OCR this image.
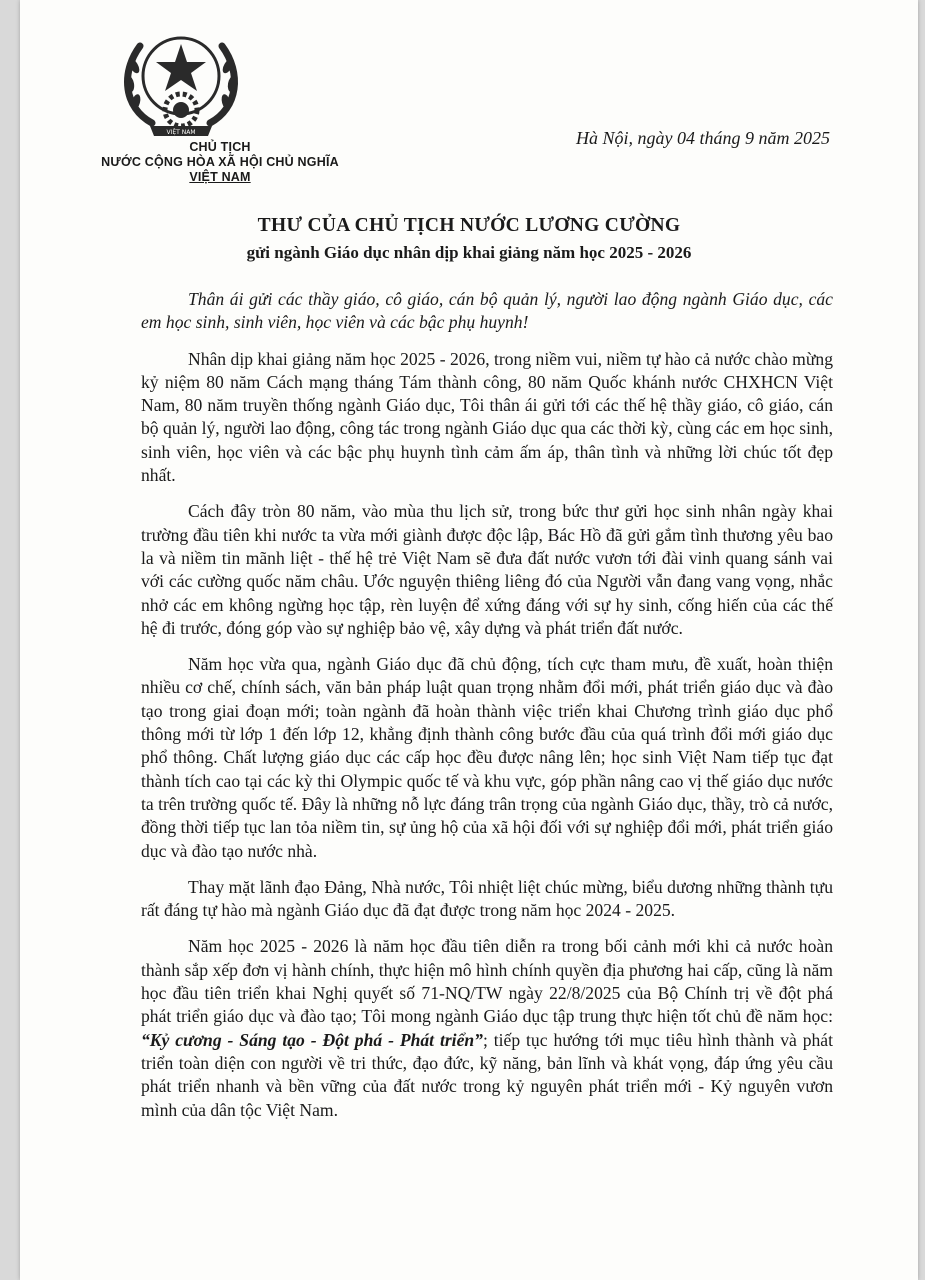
VIỆT NAM
CHỦ TỊCH
NƯỚC CỘNG HÒA XÃ HỘI CHỦ NGHĨA
VIỆT NAM
Hà Nội, ngày 04 tháng 9 năm 2025
THƯ CỦA CHỦ TỊCH NƯỚC LƯƠNG CƯỜNG
gửi ngành Giáo dục nhân dịp khai giảng năm học 2025 - 2026

Thân ái gửi các thầy giáo, cô giáo, cán bộ quản lý, người lao động ngành Giáo dục, các em học sinh, sinh viên, học viên và các bậc phụ huynh!

Nhân dịp khai giảng năm học 2025 - 2026, trong niềm vui, niềm tự hào cả nước chào mừng kỷ niệm 80 năm Cách mạng tháng Tám thành công, 80 năm Quốc khánh nước CHXHCN Việt Nam, 80 năm truyền thống ngành Giáo dục, Tôi thân ái gửi tới các thế hệ thầy giáo, cô giáo, cán bộ quản lý, người lao động, công tác trong ngành Giáo dục qua các thời kỳ, cùng các em học sinh, sinh viên, học viên và các bậc phụ huynh tình cảm ấm áp, thân tình và những lời chúc tốt đẹp nhất.

Cách đây tròn 80 năm, vào mùa thu lịch sử, trong bức thư gửi học sinh nhân ngày khai trường đầu tiên khi nước ta vừa mới giành được độc lập, Bác Hồ đã gửi gắm tình thương yêu bao la và niềm tin mãnh liệt - thế hệ trẻ Việt Nam sẽ đưa đất nước vươn tới đài vinh quang sánh vai với các cường quốc năm châu. Ước nguyện thiêng liêng đó của Người vẫn đang vang vọng, nhắc nhở các em không ngừng học tập, rèn luyện để xứng đáng với sự hy sinh, cống hiến của các thế hệ đi trước, đóng góp vào sự nghiệp bảo vệ, xây dựng và phát triển đất nước.

Năm học vừa qua, ngành Giáo dục đã chủ động, tích cực tham mưu, đề xuất, hoàn thiện nhiều cơ chế, chính sách, văn bản pháp luật quan trọng nhằm đổi mới, phát triển giáo dục và đào tạo trong giai đoạn mới; toàn ngành đã hoàn thành việc triển khai Chương trình giáo dục phổ thông mới từ lớp 1 đến lớp 12, khẳng định thành công bước đầu của quá trình đổi mới giáo dục phổ thông. Chất lượng giáo dục các cấp học đều được nâng lên; học sinh Việt Nam tiếp tục đạt thành tích cao tại các kỳ thi Olympic quốc tế và khu vực, góp phần nâng cao vị thế giáo dục nước ta trên trường quốc tế. Đây là những nỗ lực đáng trân trọng của ngành Giáo dục, thầy, trò cả nước, đồng thời tiếp tục lan tỏa niềm tin, sự ủng hộ của xã hội đối với sự nghiệp đổi mới, phát triển giáo dục và đào tạo nước nhà.

Thay mặt lãnh đạo Đảng, Nhà nước, Tôi nhiệt liệt chúc mừng, biểu dương những thành tựu rất đáng tự hào mà ngành Giáo dục đã đạt được trong năm học 2024 - 2025.

Năm học 2025 - 2026 là năm học đầu tiên diễn ra trong bối cảnh mới khi cả nước hoàn thành sắp xếp đơn vị hành chính, thực hiện mô hình chính quyền địa phương hai cấp, cũng là năm học đầu tiên triển khai Nghị quyết số 71-NQ/TW ngày 22/8/2025 của Bộ Chính trị về đột phá phát triển giáo dục và đào tạo; Tôi mong ngành Giáo dục tập trung thực hiện tốt chủ đề năm học: “Kỷ cương - Sáng tạo - Đột phá - Phát triển”; tiếp tục hướng tới mục tiêu hình thành và phát triển toàn diện con người về tri thức, đạo đức, kỹ năng, bản lĩnh và khát vọng, đáp ứng yêu cầu phát triển nhanh và bền vững của đất nước trong kỷ nguyên phát triển mới - Kỷ nguyên vươn mình của dân tộc Việt Nam.
